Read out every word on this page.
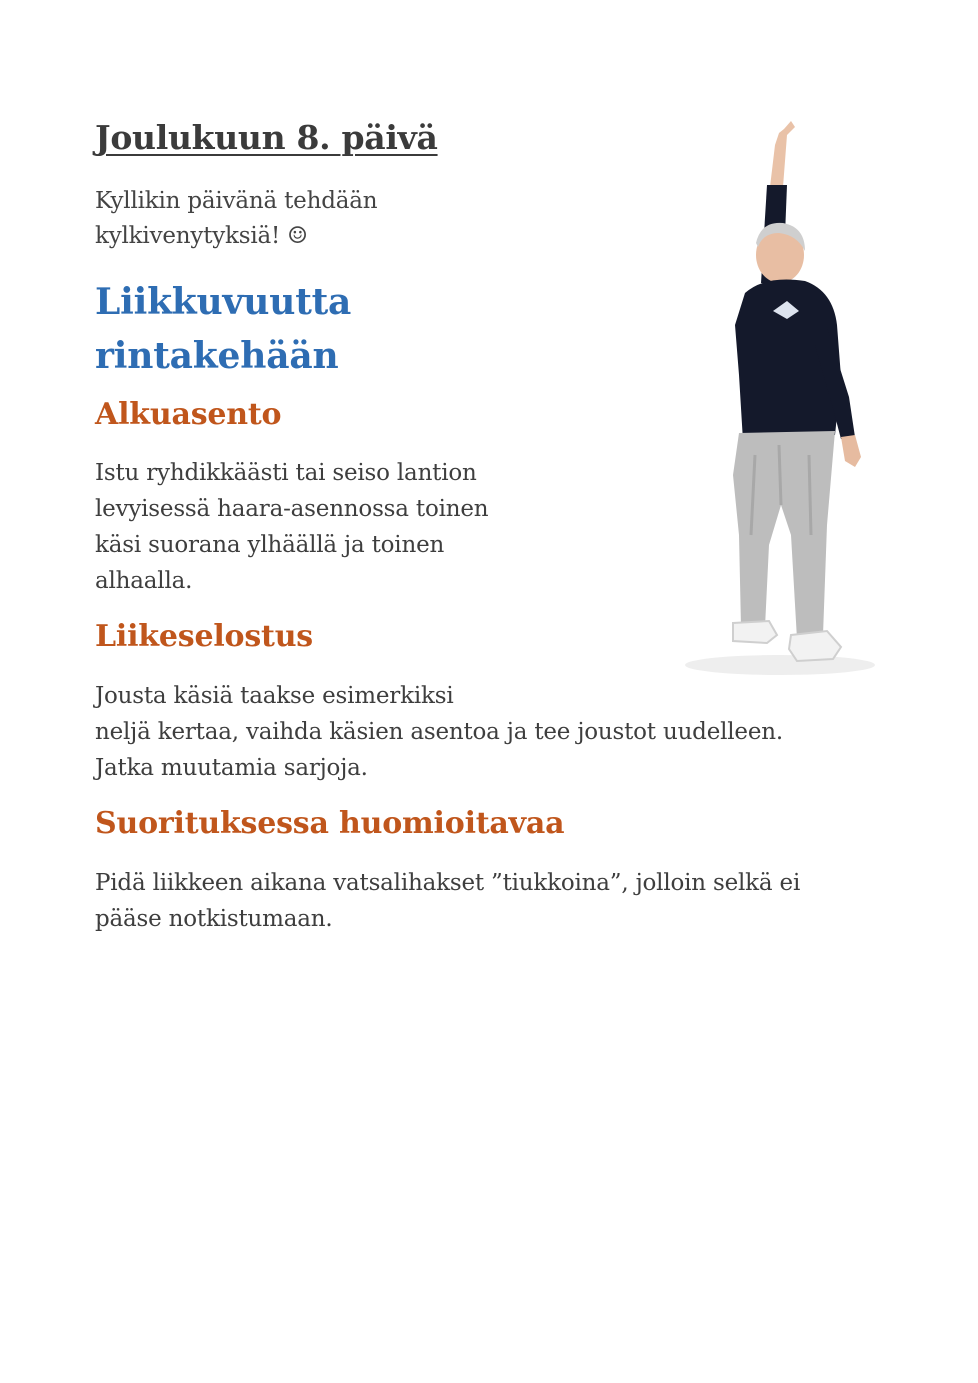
Joulukuun 8. päivä

Kyllikin päivänä tehdään
kylkivenytyksiä! ☺

Liikkuvuutta
rintakehään
Alkuasento

Istu ryhdikkäästi tai seiso lantion
levyisessä haara-asennossa toinen
käsi suorana ylhäällä ja toinen
alhaalla.

Liikeselostus

Jousta käsiä taakse esimerkiksi
neljä kertaa, vaihda käsien asentoa ja tee joustot uudelleen.
Jatka muutamia sarjoja.

Suorituksessa huomioitavaa

Pidä liikkeen aikana vatsalihakset ”tiukkoina”, jolloin selkä ei
pääse notkistumaan.
